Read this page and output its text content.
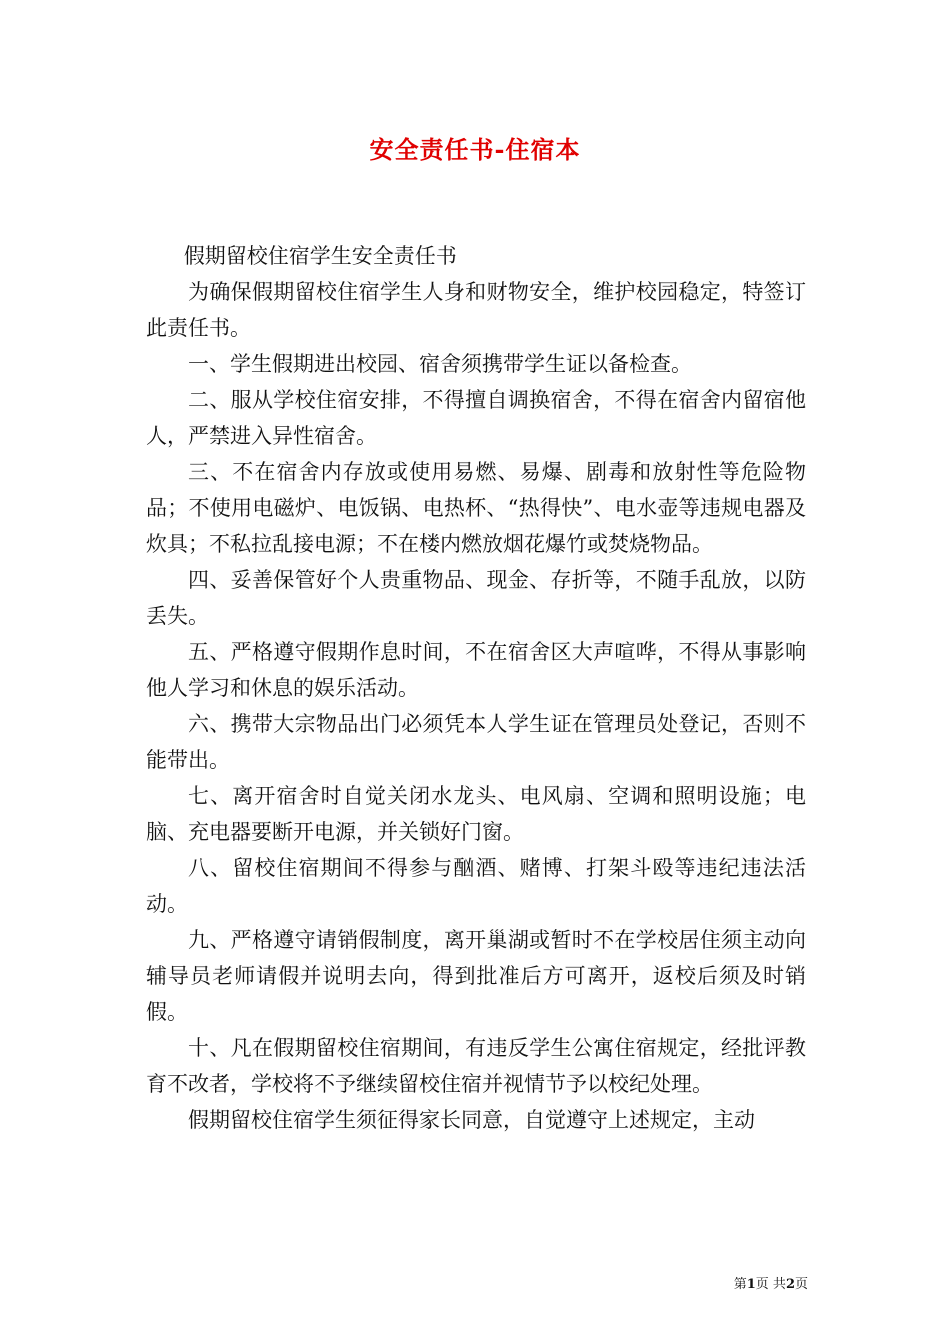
安全责任书-住宿本

假期留校住宿学生安全责任书

为确保假期留校住宿学生人身和财物安全，维护校园稳定，特签订此责任书。

一、学生假期进出校园、宿舍须携带学生证以备检查。

二、服从学校住宿安排，不得擅自调换宿舍，不得在宿舍内留宿他人，严禁进入异性宿舍。

三、不在宿舍内存放或使用易燃、易爆、剧毒和放射性等危险物品；不使用电磁炉、电饭锅、电热杯、“热得快”、电水壶等违规电器及炊具；不私拉乱接电源；不在楼内燃放烟花爆竹或焚烧物品。

四、妥善保管好个人贵重物品、现金、存折等，不随手乱放，以防丢失。

五、严格遵守假期作息时间，不在宿舍区大声喧哗，不得从事影响他人学习和休息的娱乐活动。

六、携带大宗物品出门必须凭本人学生证在管理员处登记，否则不能带出。

七、离开宿舍时自觉关闭水龙头、电风扇、空调和照明设施；电脑、充电器要断开电源，并关锁好门窗。

八、留校住宿期间不得参与酗酒、赌博、打架斗殴等违纪违法活动。

九、严格遵守请销假制度，离开巢湖或暂时不在学校居住须主动向辅导员老师请假并说明去向，得到批准后方可离开，返校后须及时销假。

十、凡在假期留校住宿期间，有违反学生公寓住宿规定，经批评教育不改者，学校将不予继续留校住宿并视情节予以校纪处理。

假期留校住宿学生须征得家长同意，自觉遵守上述规定，主动

第1页 共2页
